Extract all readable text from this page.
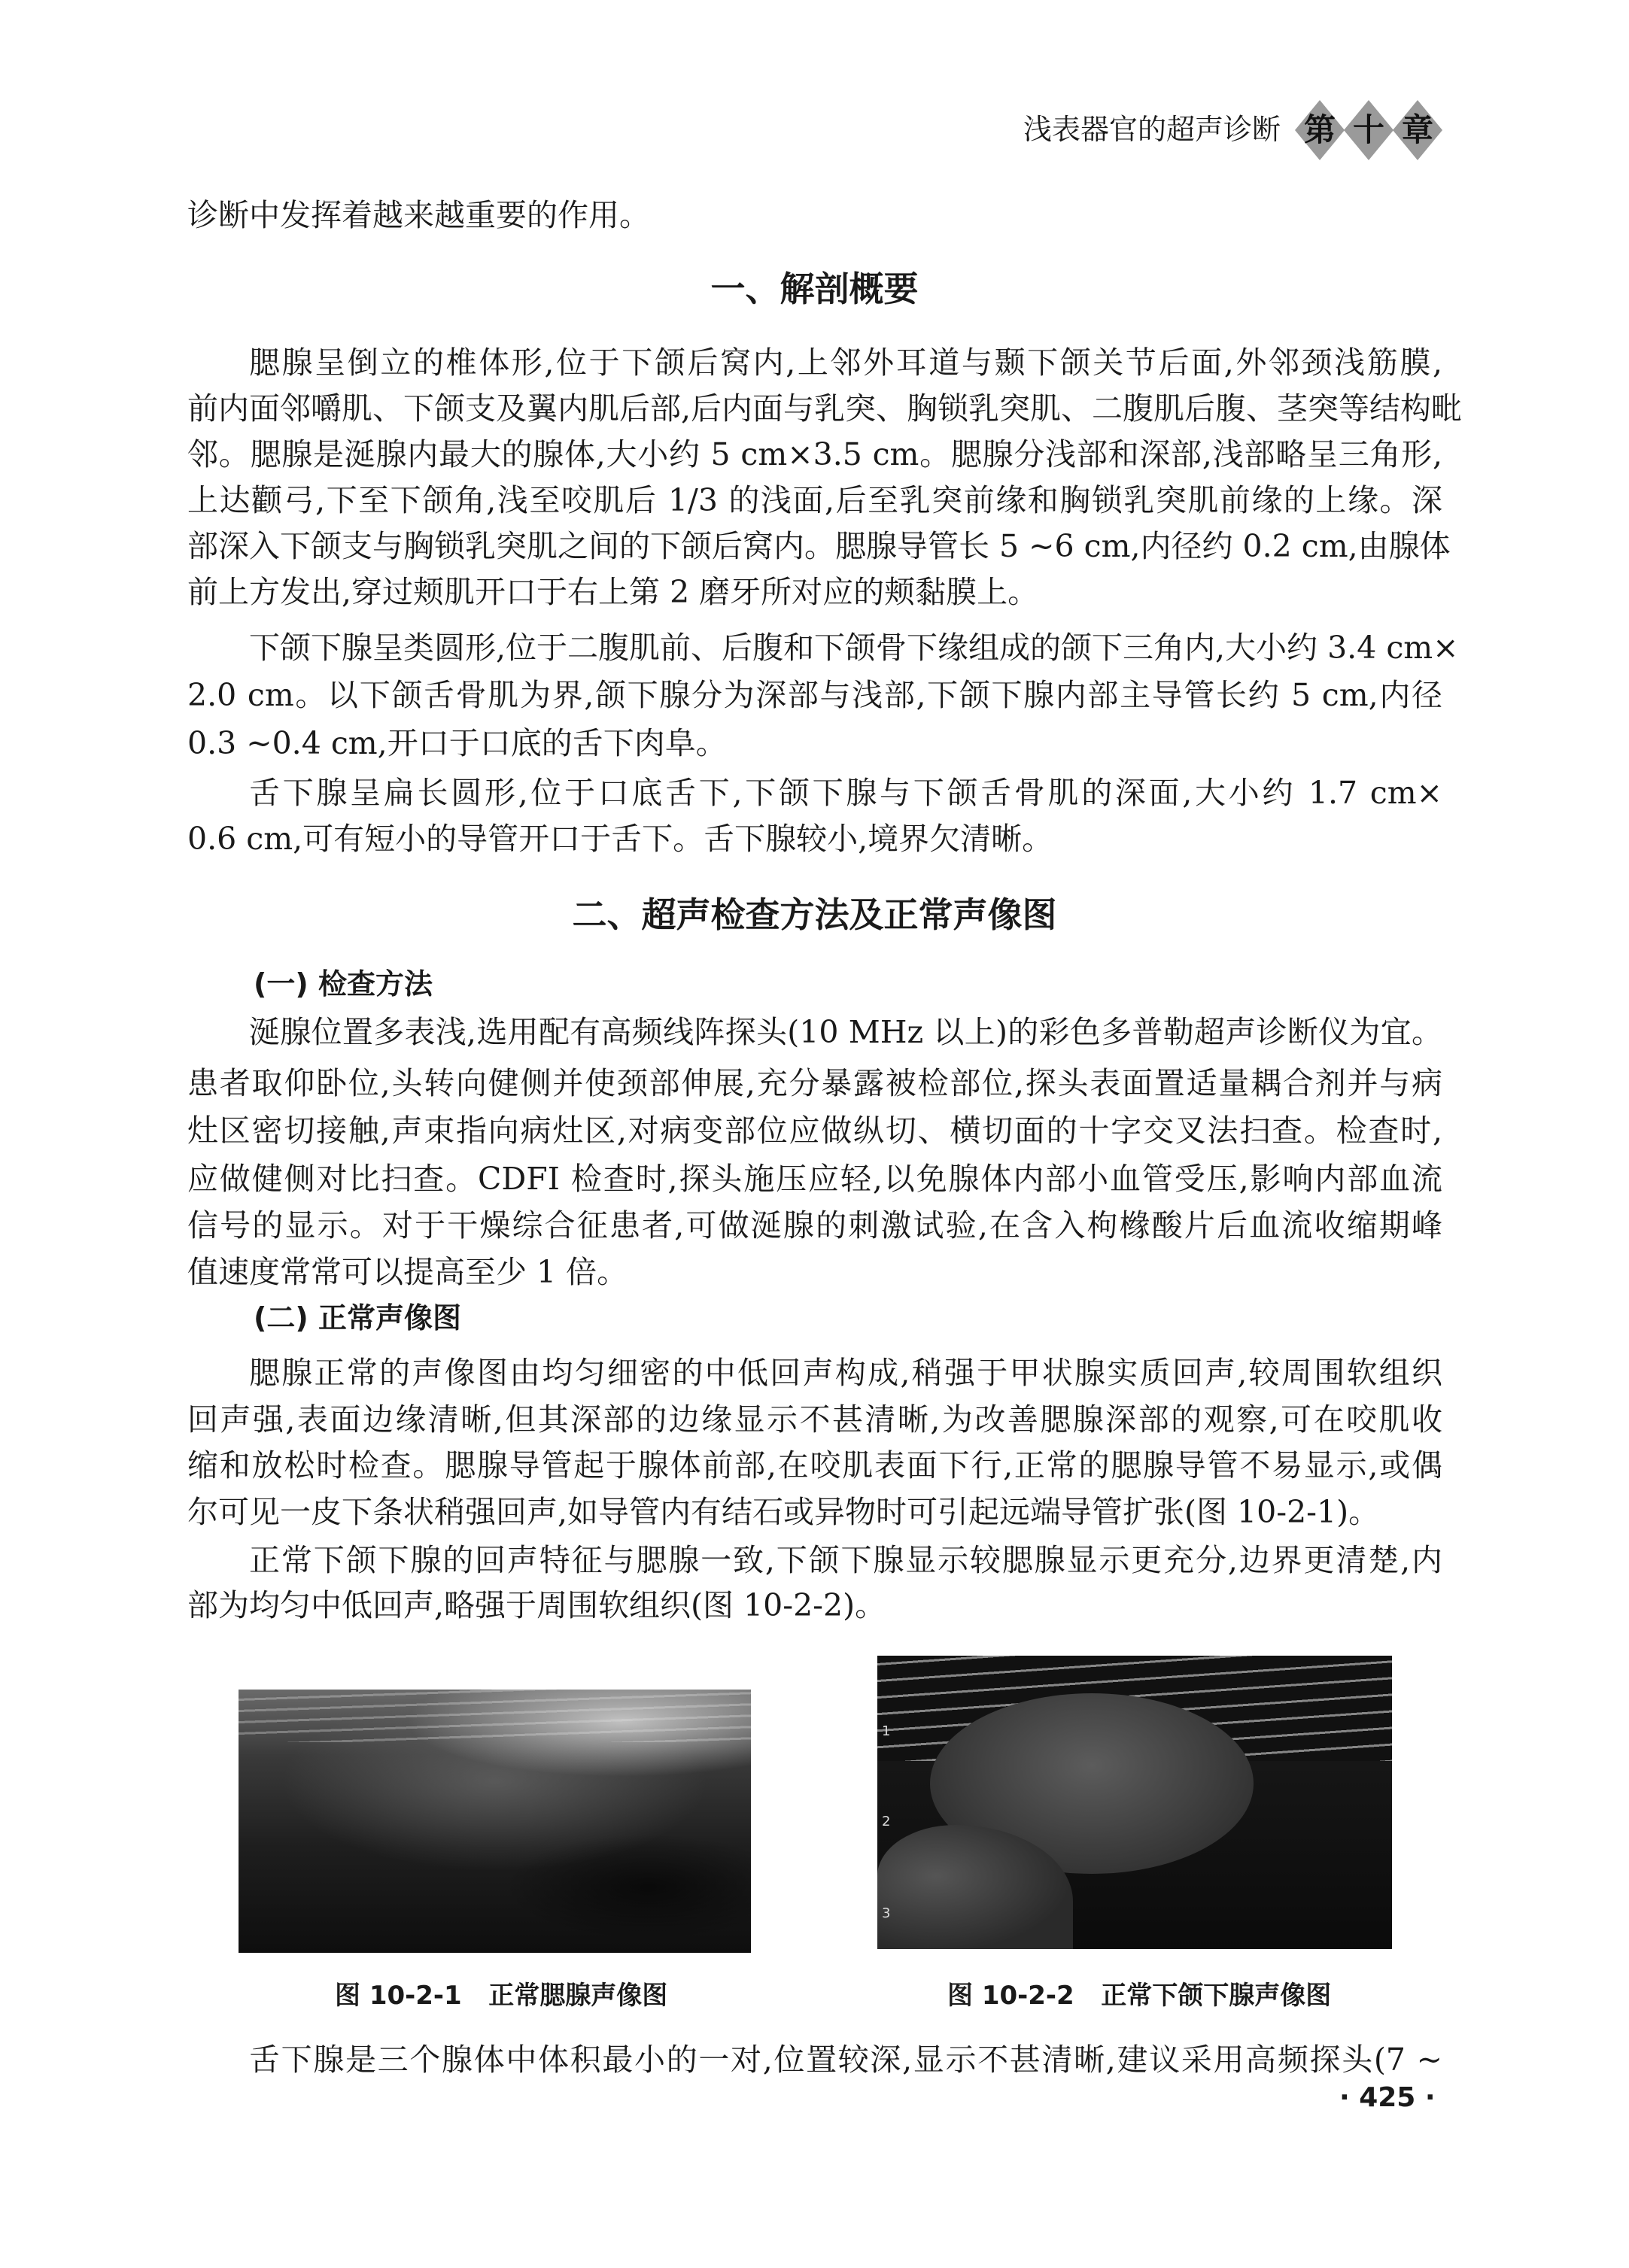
浅表器官的超声诊断 第 十 章
诊断中发挥着越来越重要的作用。
一、解剖概要
腮腺呈倒立的椎体形,位于下颌后窝内,上邻外耳道与颞下颌关节后面,外邻颈浅筋膜,
前内面邻嚼肌、下颌支及翼内肌后部,后内面与乳突、胸锁乳突肌、二腹肌后腹、茎突等结构毗
邻。腮腺是涎腺内最大的腺体,大小约 5 cm×3.5 cm。腮腺分浅部和深部,浅部略呈三角形,
上达颧弓,下至下颌角,浅至咬肌后 1/3 的浅面,后至乳突前缘和胸锁乳突肌前缘的上缘。深
部深入下颌支与胸锁乳突肌之间的下颌后窝内。腮腺导管长 5 ~6 cm,内径约 0.2 cm,由腺体
前上方发出,穿过颊肌开口于右上第 2 磨牙所对应的颊黏膜上。
下颌下腺呈类圆形,位于二腹肌前、后腹和下颌骨下缘组成的颌下三角内,大小约 3.4 cm×
2.0 cm。以下颌舌骨肌为界,颌下腺分为深部与浅部,下颌下腺内部主导管长约 5 cm,内径
0.3 ~0.4 cm,开口于口底的舌下肉阜。
舌下腺呈扁长圆形,位于口底舌下,下颌下腺与下颌舌骨肌的深面,大小约 1.7 cm×
0.6 cm,可有短小的导管开口于舌下。舌下腺较小,境界欠清晰。
二、超声检查方法及正常声像图
(一) 检查方法
涎腺位置多表浅,选用配有高频线阵探头(10 MHz 以上)的彩色多普勒超声诊断仪为宜。
患者取仰卧位,头转向健侧并使颈部伸展,充分暴露被检部位,探头表面置适量耦合剂并与病
灶区密切接触,声束指向病灶区,对病变部位应做纵切、横切面的十字交叉法扫查。检查时,
应做健侧对比扫查。CDFI 检查时,探头施压应轻,以免腺体内部小血管受压,影响内部血流
信号的显示。对于干燥综合征患者,可做涎腺的刺激试验,在含入枸橼酸片后血流收缩期峰
值速度常常可以提高至少 1 倍。
(二) 正常声像图
腮腺正常的声像图由均匀细密的中低回声构成,稍强于甲状腺实质回声,较周围软组织
回声强,表面边缘清晰,但其深部的边缘显示不甚清晰,为改善腮腺深部的观察,可在咬肌收
缩和放松时检查。腮腺导管起于腺体前部,在咬肌表面下行,正常的腮腺导管不易显示,或偶
尔可见一皮下条状稍强回声,如导管内有结石或异物时可引起远端导管扩张(图 10-2-1)。
正常下颌下腺的回声特征与腮腺一致,下颌下腺显示较腮腺显示更充分,边界更清楚,内
部为均匀中低回声,略强于周围软组织(图 10-2-2)。
1
2
3
图 10-2-1   正常腮腺声像图	图 10-2-2   正常下颌下腺声像图
舌下腺是三个腺体中体积最小的一对,位置较深,显示不甚清晰,建议采用高频探头(7 ~
· 425 ·
